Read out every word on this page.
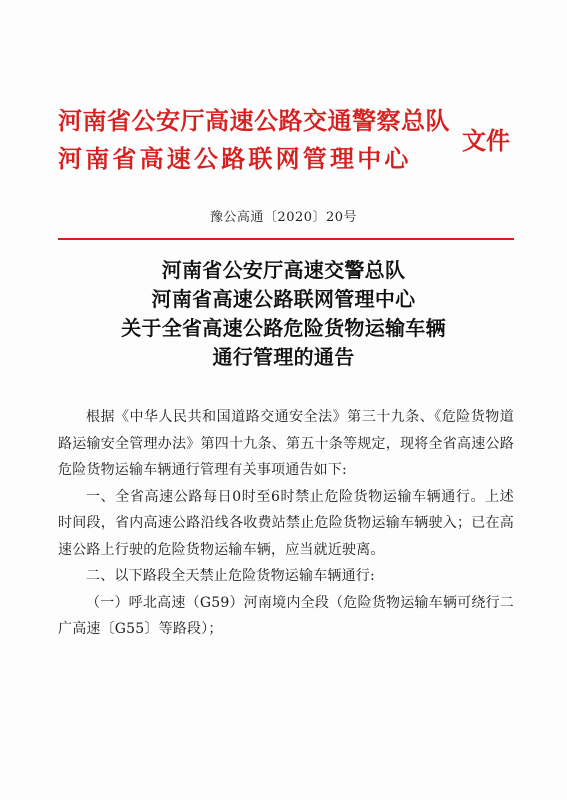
河南省公安厅高速公路交通警察总队
河南省高速公路联网管理中心
文件
豫公高通〔2020〕20号
河南省公安厅高速交警总队
河南省高速公路联网管理中心
关于全省高速公路危险货物运输车辆
通行管理的通告

根据《中华人民共和国道路交通安全法》第三十九条、《危险货物道路运输安全管理办法》第四十九条、第五十条等规定，现将全省高速公路危险货物运输车辆通行管理有关事项通告如下:

一、全省高速公路每日0时至6时禁止危险货物运输车辆通行。上述时间段，省内高速公路沿线各收费站禁止危险货物运输车辆驶入；已在高速公路上行驶的危险货物运输车辆，应当就近驶离。

二、以下路段全天禁止危险货物运输车辆通行:

（一）呼北高速（G59）河南境内全段（危险货物运输车辆可绕行二广高速〔G55〕等路段）；
